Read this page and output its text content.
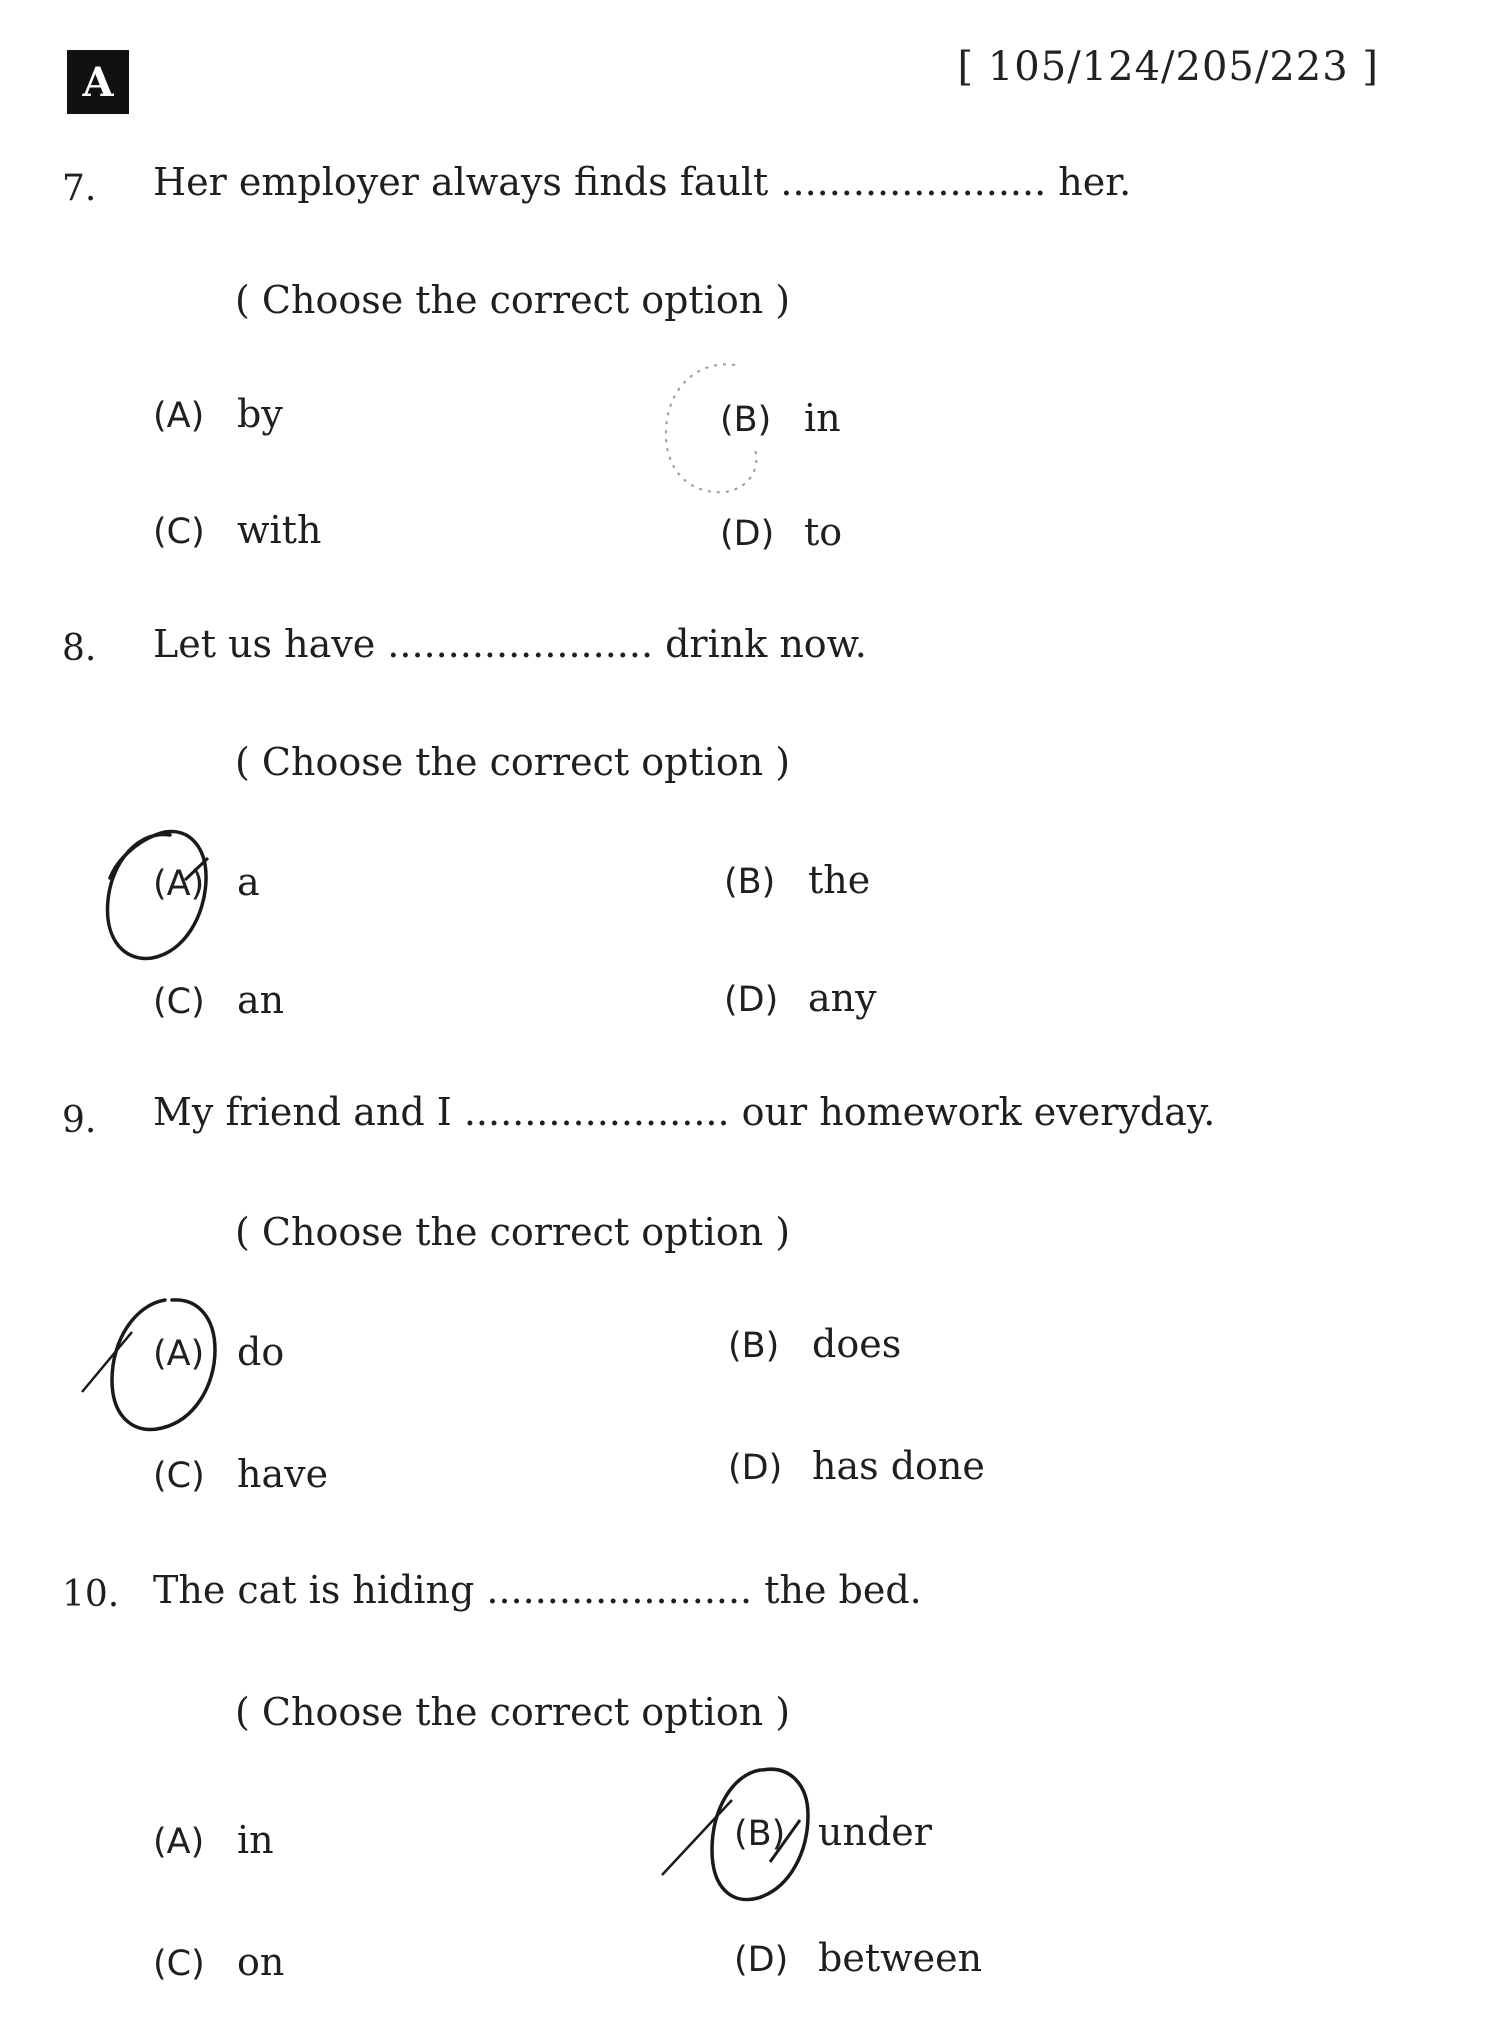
A	[ 105/124/205/223 ]
7. Her employer always finds fault ...................... her.
( Choose the correct option )
(A) by	(B) in
(C) with	(D) to
8. Let us have ...................... drink now.
( Choose the correct option )
(A) a	(B) the
(C) an	(D) any
9. My friend and I ...................... our homework everyday.
( Choose the correct option )
(A) do	(B) does
(C) have	(D) has done
10. The cat is hiding ...................... the bed.
( Choose the correct option )
(A) in	(B) under
(C) on	(D) between
